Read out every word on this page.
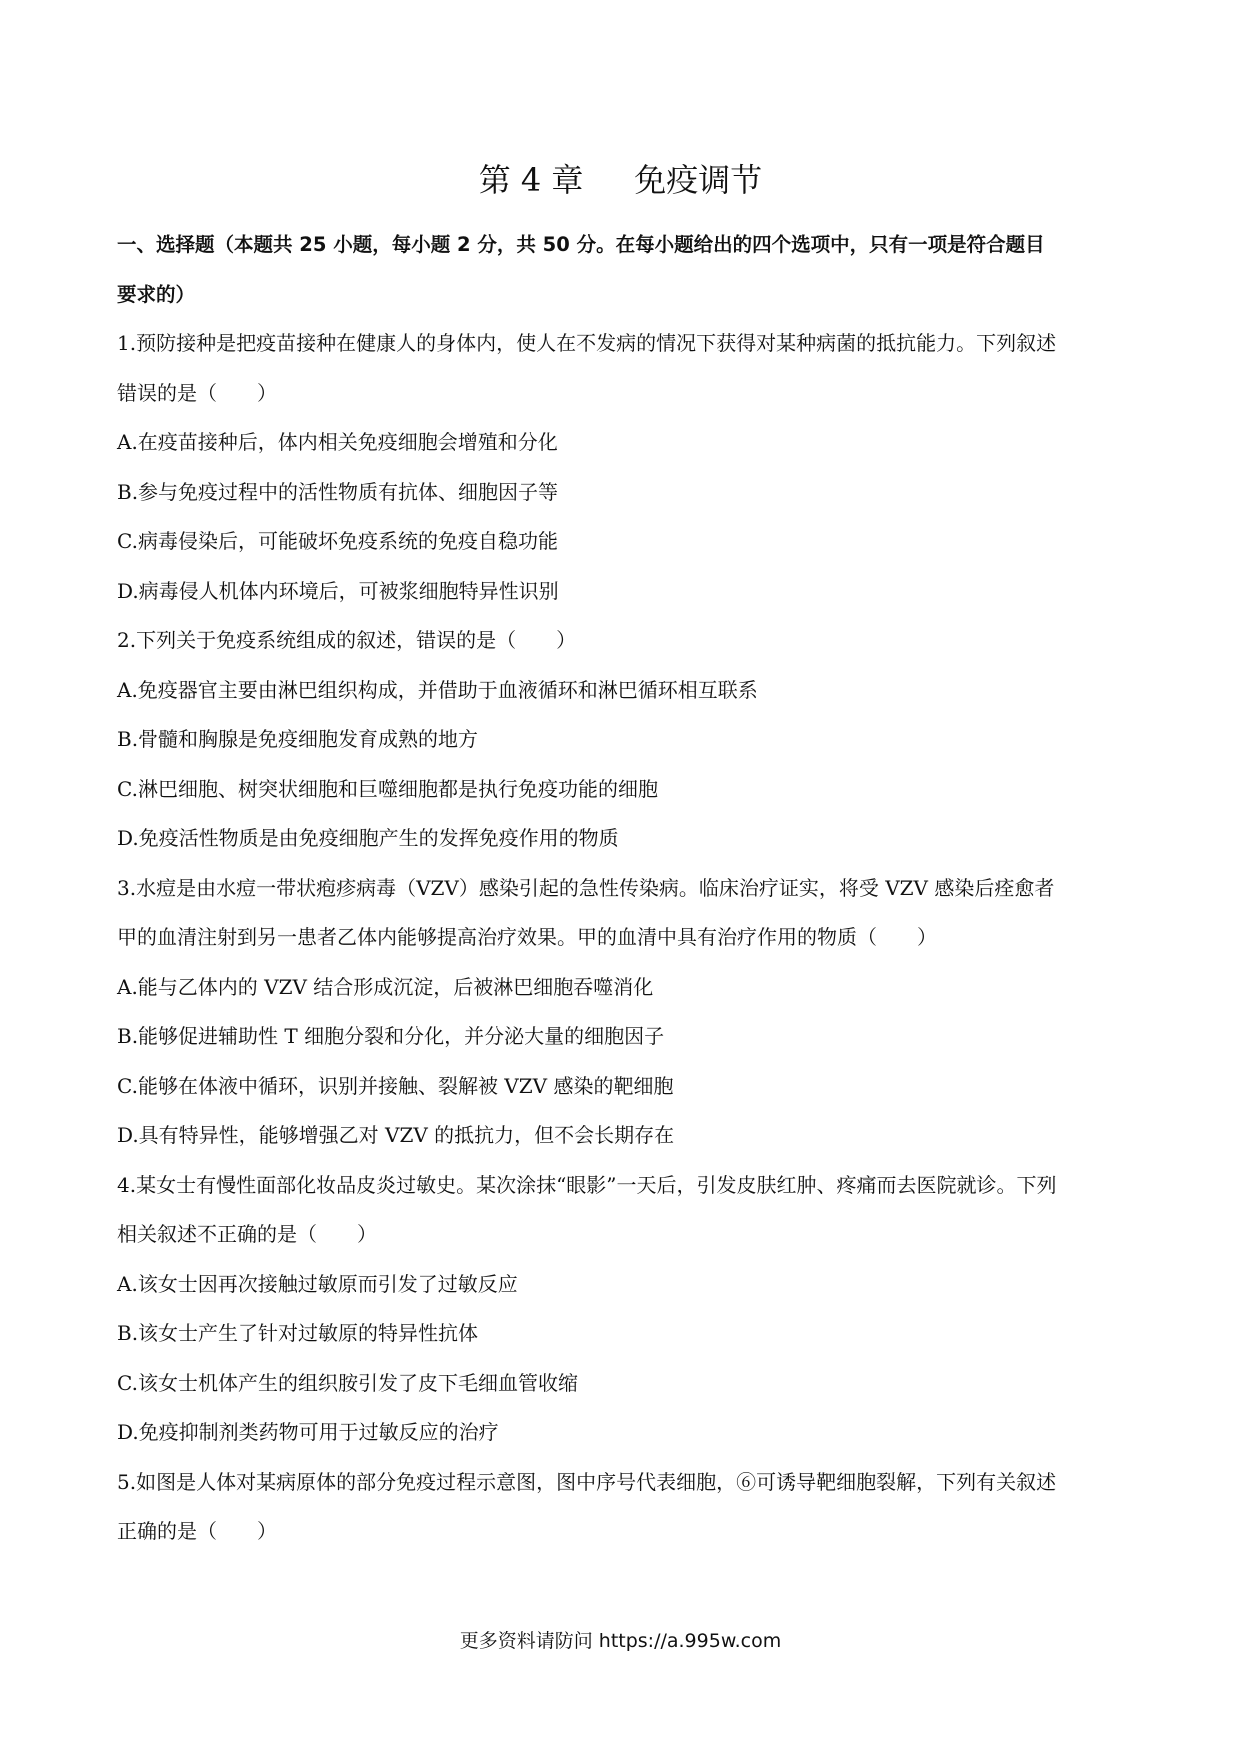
第 4 章     免疫调节
一、选择题（本题共 25 小题，每小题 2 分，共 50 分。在每小题给出的四个选项中，只有一项是符合题目
要求的）
1.预防接种是把疫苗接种在健康人的身体内，使人在不发病的情况下获得对某种病菌的抵抗能力。下列叙述
错误的是（　　）
A.在疫苗接种后，体内相关免疫细胞会增殖和分化
B.参与免疫过程中的活性物质有抗体、细胞因子等
C.病毒侵染后，可能破坏免疫系统的免疫自稳功能
D.病毒侵人机体内环境后，可被浆细胞特异性识别
2.下列关于免疫系统组成的叙述，错误的是（　　）
A.免疫器官主要由淋巴组织构成，并借助于血液循环和淋巴循环相互联系
B.骨髓和胸腺是免疫细胞发育成熟的地方
C.淋巴细胞、树突状细胞和巨噬细胞都是执行免疫功能的细胞
D.免疫活性物质是由免疫细胞产生的发挥免疫作用的物质
3.水痘是由水痘一带状疱疹病毒（VZV）感染引起的急性传染病。临床治疗证实，将受 VZV 感染后痊愈者
甲的血清注射到另一患者乙体内能够提高治疗效果。甲的血清中具有治疗作用的物质（　　）
A.能与乙体内的 VZV 结合形成沉淀，后被淋巴细胞吞噬消化
B.能够促进辅助性 T 细胞分裂和分化，并分泌大量的细胞因子
C.能够在体液中循环，识别并接触、裂解被 VZV 感染的靶细胞
D.具有特异性，能够增强乙对 VZV 的抵抗力，但不会长期存在
4.某女士有慢性面部化妆品皮炎过敏史。某次涂抹“眼影”一天后，引发皮肤红肿、疼痛而去医院就诊。下列
相关叙述不正确的是（　　）
A.该女士因再次接触过敏原而引发了过敏反应
B.该女士产生了针对过敏原的特异性抗体
C.该女士机体产生的组织胺引发了皮下毛细血管收缩
D.免疫抑制剂类药物可用于过敏反应的治疗
5.如图是人体对某病原体的部分免疫过程示意图，图中序号代表细胞，⑥可诱导靶细胞裂解，下列有关叙述
正确的是（　　）
更多资料请防问 https://a.995w.com
